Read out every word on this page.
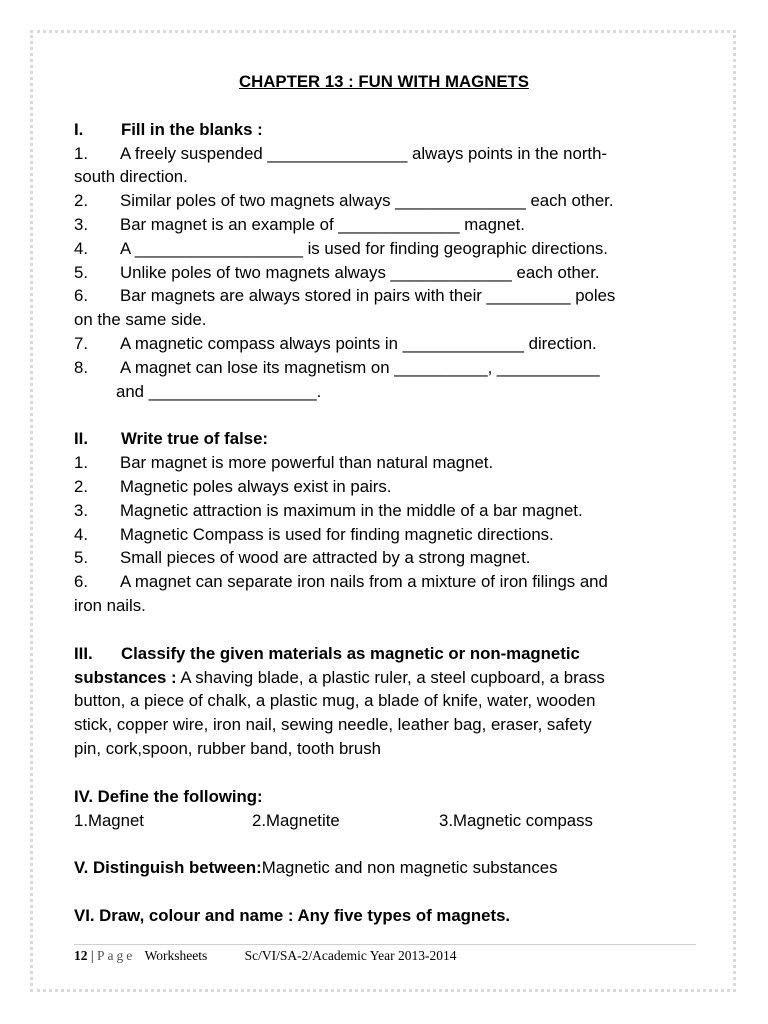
CHAPTER 13 : FUN WITH MAGNETS
I.	Fill in the blanks :
1. A freely suspended _______________ always points in the north-
south direction.
2. Similar poles of two magnets always ______________ each other.
3. Bar magnet is an example of _____________ magnet.
4. A __________________ is used for finding geographic directions.
5. Unlike poles of two magnets always _____________ each other.
6. Bar magnets are always stored in pairs with their _________ poles
on the same side.
7. A magnetic compass always points in _____________ direction.
8. A magnet can lose its magnetism on __________, ___________
and __________________.
II.	Write true of false:
1. Bar magnet is more powerful than natural magnet.
2. Magnetic poles always exist in pairs.
3. Magnetic attraction is maximum in the middle of a bar magnet.
4. Magnetic Compass is used for finding magnetic directions.
5. Small pieces of wood are attracted by a strong magnet.
6. A magnet can separate iron nails from a mixture of iron filings and
iron nails.
III.	Classify the given materials as magnetic or non-magnetic
substances : A shaving blade, a plastic ruler, a steel cupboard, a brass
button, a piece of chalk, a plastic mug, a blade of knife, water, wooden
stick, copper wire, iron nail, sewing needle, leather bag, eraser, safety
pin, cork,spoon, rubber band, tooth brush
IV. Define the following:
1.Magnet	2.Magnetite	3.Magnetic compass
V. Distinguish between:Magnetic and non magnetic substances
VI. Draw, colour and name : Any five types of magnets.
12 | Page Worksheets	Sc/VI/SA-2/Academic Year 2013-2014
